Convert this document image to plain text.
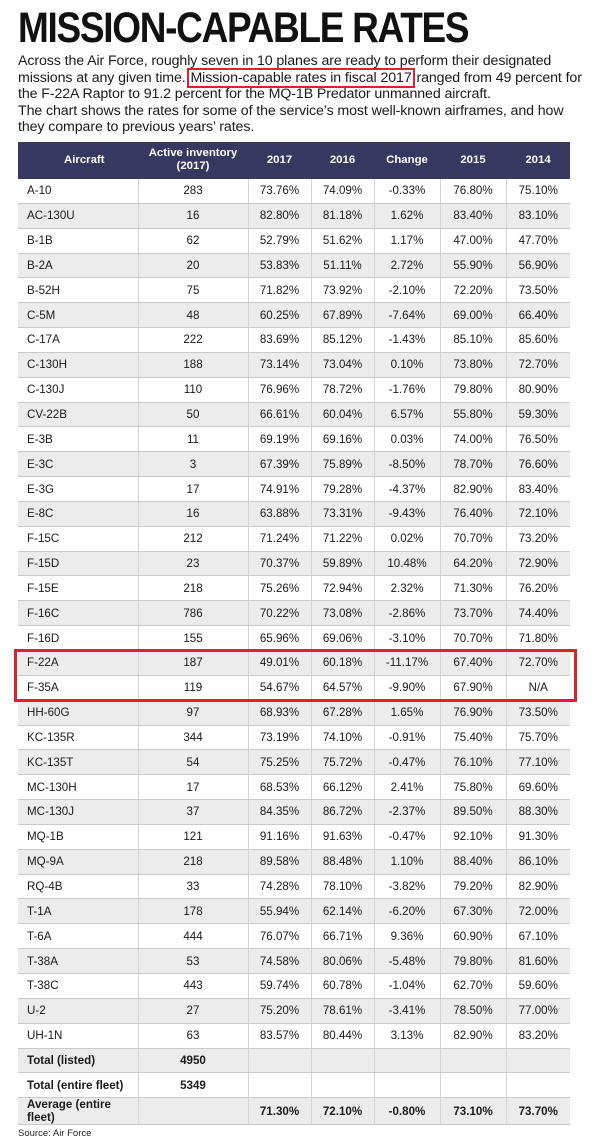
MISSION-CAPABLE RATES

Across the Air Force, roughly seven in 10 planes are ready to perform their designated missions at any given time. Mission-capable rates in fiscal 2017 ranged from 49 percent for the F-22A Raptor to 91.2 percent for the MQ-1B Predator unmanned aircraft.

The chart shows the rates for some of the service’s most well-known airframes, and how they compare to previous years’ rates.

Aircraft	Active inventory (2017)	2017	2016	Change	2015	2014
A-10	283	73.76%	74.09%	-0.33%	76.80%	75.10%
AC-130U	16	82.80%	81.18%	1.62%	83.40%	83.10%
B-1B	62	52.79%	51.62%	1.17%	47.00%	47.70%
B-2A	20	53.83%	51.11%	2.72%	55.90%	56.90%
B-52H	75	71.82%	73.92%	-2.10%	72.20%	73.50%
C-5M	48	60.25%	67.89%	-7.64%	69.00%	66.40%
C-17A	222	83.69%	85.12%	-1.43%	85.10%	85.60%
C-130H	188	73.14%	73.04%	0.10%	73.80%	72.70%
C-130J	110	76.96%	78.72%	-1.76%	79.80%	80.90%
CV-22B	50	66.61%	60.04%	6.57%	55.80%	59.30%
E-3B	11	69.19%	69.16%	0.03%	74.00%	76.50%
E-3C	3	67.39%	75.89%	-8.50%	78.70%	76.60%
E-3G	17	74.91%	79.28%	-4.37%	82.90%	83.40%
E-8C	16	63.88%	73.31%	-9.43%	76.40%	72.10%
F-15C	212	71.24%	71.22%	0.02%	70.70%	73.20%
F-15D	23	70.37%	59.89%	10.48%	64.20%	72.90%
F-15E	218	75.26%	72.94%	2.32%	71.30%	76.20%
F-16C	786	70.22%	73.08%	-2.86%	73.70%	74.40%
F-16D	155	65.96%	69.06%	-3.10%	70.70%	71.80%
F-22A	187	49.01%	60.18%	-11.17%	67.40%	72.70%
F-35A	119	54.67%	64.57%	-9.90%	67.90%	N/A
HH-60G	97	68.93%	67.28%	1.65%	76.90%	73.50%
KC-135R	344	73.19%	74.10%	-0.91%	75.40%	75.70%
KC-135T	54	75.25%	75.72%	-0.47%	76.10%	77.10%
MC-130H	17	68.53%	66.12%	2.41%	75.80%	69.60%
MC-130J	37	84.35%	86.72%	-2.37%	89.50%	88.30%
MQ-1B	121	91.16%	91.63%	-0.47%	92.10%	91.30%
MQ-9A	218	89.58%	88.48%	1.10%	88.40%	86.10%
RQ-4B	33	74.28%	78.10%	-3.82%	79.20%	82.90%
T-1A	178	55.94%	62.14%	-6.20%	67.30%	72.00%
T-6A	444	76.07%	66.71%	9.36%	60.90%	67.10%
T-38A	53	74.58%	80.06%	-5.48%	79.80%	81.60%
T-38C	443	59.74%	60.78%	-1.04%	62.70%	59.60%
U-2	27	75.20%	78.61%	-3.41%	78.50%	77.00%
UH-1N	63	83.57%	80.44%	3.13%	82.90%	83.20%
Total (listed)	4950					
Total (entire fleet)	5349					
Average (entire fleet)		71.30%	72.10%	-0.80%	73.10%	73.70%
Source: Air Force
